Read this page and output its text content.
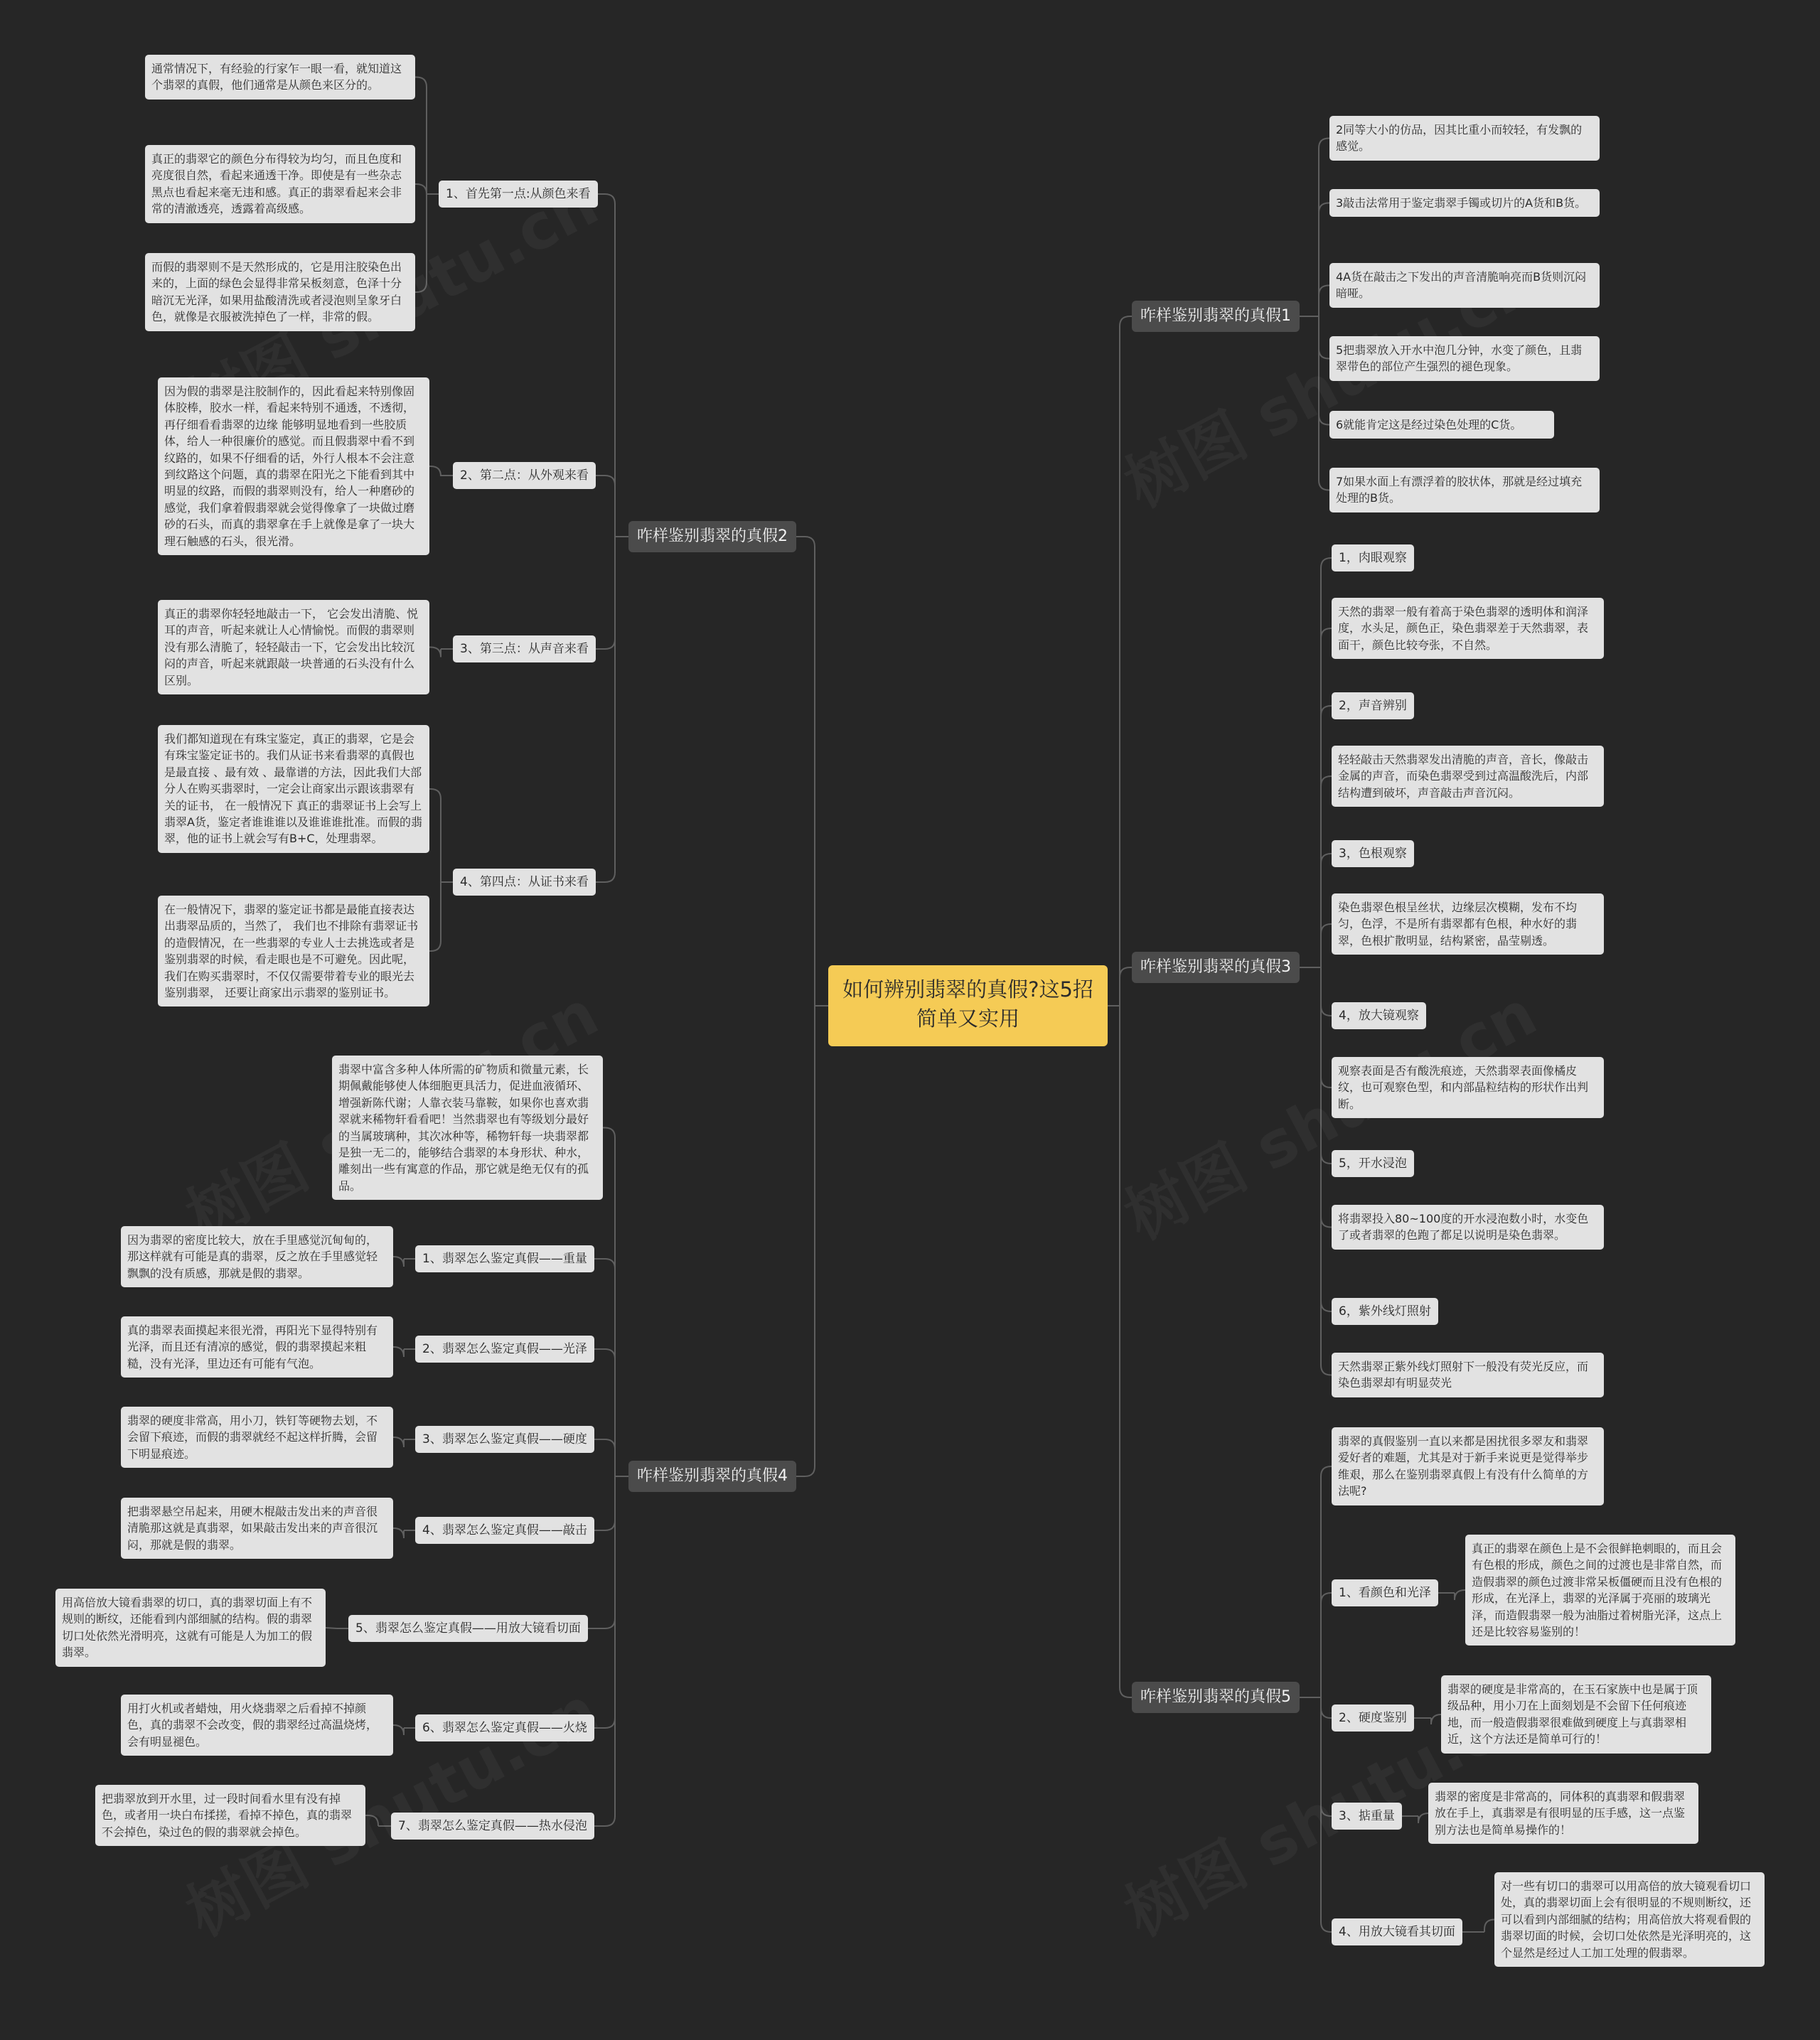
如何辨别翡翠的真假?这5招简单又实用
咋样鉴别翡翠的真假1
2同等大小的仿品，因其比重小而较轻，有发飘的感觉。
3敲击法常用于鉴定翡翠手镯或切片的A货和B货。
4A货在敲击之下发出的声音清脆响亮而B货则沉闷暗哑。
5把翡翠放入开水中泡几分钟，水变了颜色，且翡翠带色的部位产生强烈的褪色现象。
6就能肯定这是经过染色处理的C货。
7如果水面上有漂浮着的胶状体，那就是经过填充处理的B货。
咋样鉴别翡翠的真假2
1、首先第一点:从颜色来看
通常情况下，有经验的行家乍一眼一看，就知道这个翡翠的真假，他们通常是从颜色来区分的。
真正的翡翠它的颜色分布得较为均匀，而且色度和亮度很自然，看起来通透干净。即使是有一些杂志黑点也看起来毫无违和感。真正的翡翠看起来会非常的清澈透亮，透露着高级感。
而假的翡翠则不是天然形成的，它是用注胶染色出来的，上面的绿色会显得非常呆板刻意，色泽十分暗沉无光泽，如果用盐酸清洗或者浸泡则呈象牙白色，就像是衣服被洗掉色了一样，非常的假。
2、第二点：从外观来看
因为假的翡翠是注胶制作的，因此看起来特别像固体胶棒，胶水一样，看起来特别不通透，不透彻，再仔细看看翡翠的边缘 能够明显地看到一些胶质体，给人一种很廉价的感觉。而且假翡翠中看不到纹路的，如果不仔细看的话，外行人根本不会注意到纹路这个问题，真的翡翠在阳光之下能看到其中明显的纹路，而假的翡翠则没有，给人一种磨砂的感觉，我们拿着假翡翠就会觉得像拿了一块做过磨砂的石头，而真的翡翠拿在手上就像是拿了一块大理石触感的石头，很光滑。
3、第三点：从声音来看
真正的翡翠你轻轻地敲击一下， 它会发出清脆、悦耳的声音，听起来就让人心情愉悦。而假的翡翠则没有那么清脆了，轻轻敲击一下，它会发出比较沉闷的声音，听起来就跟敲一块普通的石头没有什么区别。
4、第四点：从证书来看
我们都知道现在有珠宝鉴定，真正的翡翠，它是会有珠宝鉴定证书的。我们从证书来看翡翠的真假也是最直接 、最有效 、最靠谱的方法，因此我们大部分人在购买翡翠时，一定会让商家出示跟该翡翠有关的证书， 在一般情况下 真正的翡翠证书上会写上翡翠A货，鉴定者谁谁谁以及谁谁谁批准。而假的翡翠，他的证书上就会写有B+C，处理翡翠。
在一般情况下，翡翠的鉴定证书都是最能直接表达出翡翠品质的，当然了， 我们也不排除有翡翠证书的造假情况，在一些翡翠的专业人士去挑选或者是鉴别翡翠的时候，看走眼也是不可避免。因此呢， 我们在购买翡翠时，不仅仅需要带着专业的眼光去鉴别翡翠， 还要让商家出示翡翠的鉴别证书。
咋样鉴别翡翠的真假3
1，肉眼观察
天然的翡翠一般有着高于染色翡翠的透明体和润泽度，水头足，颜色正，染色翡翠差于天然翡翠，表面干，颜色比较夸张，不自然。
2，声音辨别
轻轻敲击天然翡翠发出清脆的声音，音长，像敲击金属的声音，而染色翡翠受到过高温酸洗后，内部结构遭到破坏，声音敲击声音沉闷。
3，色根观察
染色翡翠色根呈丝状，边缘层次模糊，发布不均匀，色浮，不是所有翡翠都有色根，种水好的翡翠，色根扩散明显，结构紧密，晶莹剔透。
4，放大镜观察
观察表面是否有酸洗痕迹，天然翡翠表面像橘皮纹，也可观察色型，和内部晶粒结构的形状作出判断。
5，开水浸泡
将翡翠投入80~100度的开水浸泡数小时，水变色了或者翡翠的色跑了都足以说明是染色翡翠。
6，紫外线灯照射
天然翡翠正紫外线灯照射下一般没有荧光反应，而染色翡翠却有明显荧光
咋样鉴别翡翠的真假4
翡翠中富含多种人体所需的矿物质和微量元素，长期佩戴能够使人体细胞更具活力，促进血液循环、增强新陈代谢；人靠衣装马靠鞍，如果你也喜欢翡翠就来稀物轩看看吧！当然翡翠也有等级划分最好的当属玻璃种，其次冰种等，稀物轩每一块翡翠都是独一无二的，能够结合翡翠的本身形状、种水，雕刻出一些有寓意的作品，那它就是绝无仅有的孤品。
1、翡翠怎么鉴定真假——重量
因为翡翠的密度比较大，放在手里感觉沉甸甸的，那这样就有可能是真的翡翠，反之放在手里感觉轻飘飘的没有质感，那就是假的翡翠。
2、翡翠怎么鉴定真假——光泽
真的翡翠表面摸起来很光滑，再阳光下显得特别有光泽，而且还有清凉的感觉，假的翡翠摸起来粗糙，没有光泽，里边还有可能有气泡。
3、翡翠怎么鉴定真假——硬度
翡翠的硬度非常高，用小刀，铁钉等硬物去划，不会留下痕迹，而假的翡翠就经不起这样折腾，会留下明显痕迹。
4、翡翠怎么鉴定真假——敲击
把翡翠悬空吊起来，用硬木棍敲击发出来的声音很清脆那这就是真翡翠，如果敲击发出来的声音很沉闷，那就是假的翡翠。
5、翡翠怎么鉴定真假——用放大镜看切面
用高倍放大镜看翡翠的切口，真的翡翠切面上有不规则的断纹，还能看到内部细腻的结构。假的翡翠切口处依然光滑明亮，这就有可能是人为加工的假翡翠。
6、翡翠怎么鉴定真假——火烧
用打火机或者蜡烛，用火烧翡翠之后看掉不掉颜色，真的翡翠不会改变，假的翡翠经过高温烧烤，会有明显褪色。
7、翡翠怎么鉴定真假——热水侵泡
把翡翠放到开水里，过一段时间看水里有没有掉色，或者用一块白布揉搓，看掉不掉色，真的翡翠不会掉色，染过色的假的翡翠就会掉色。
咋样鉴别翡翠的真假5
翡翠的真假鉴别一直以来都是困扰很多翠友和翡翠爱好者的难题，尤其是对于新手来说更是觉得举步维艰，那么在鉴别翡翠真假上有没有什么简单的方法呢?
1、看颜色和光泽
真正的翡翠在颜色上是不会很鲜艳刺眼的，而且会有色根的形成，颜色之间的过渡也是非常自然，而造假翡翠的颜色过渡非常呆板僵硬而且没有色根的形成，在光泽上，翡翠的光泽属于亮丽的玻璃光泽，而造假翡翠一般为油脂过着树脂光泽，这点上还是比较容易鉴别的！
2、硬度鉴别
翡翠的硬度是非常高的，在玉石家族中也是属于顶级品种，用小刀在上面刻划是不会留下任何痕迹地，而一般造假翡翠很难做到硬度上与真翡翠相近，这个方法还是简单可行的！
3、掂重量
翡翠的密度是非常高的，同体积的真翡翠和假翡翠放在手上，真翡翠是有很明显的压手感，这一点鉴别方法也是简单易操作的！
4、用放大镜看其切面
对一些有切口的翡翠可以用高倍的放大镜观看切口处，真的翡翠切面上会有很明显的不规则断纹，还可以看到内部细腻的结构；用高倍放大将观看假的翡翠切面的时候，会切口处依然是光泽明亮的，这个显然是经过人工加工处理的假翡翠。
